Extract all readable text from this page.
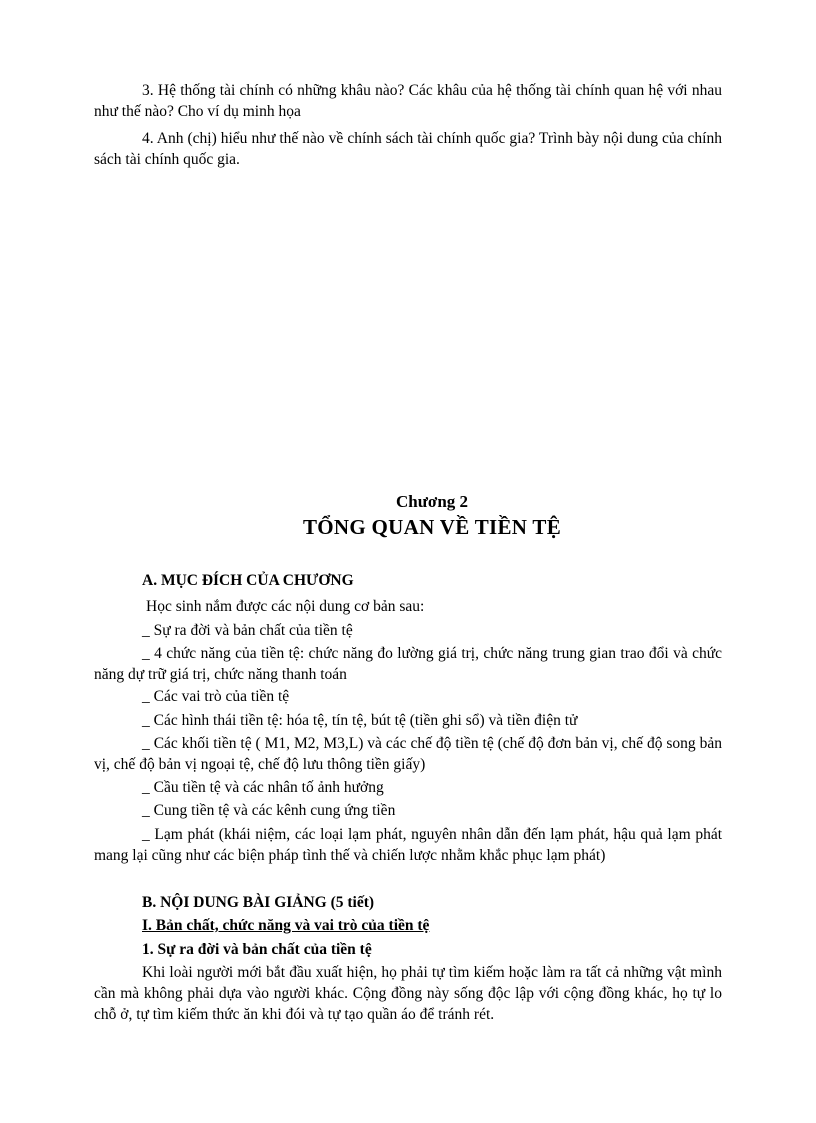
3. Hệ thống tài chính có những khâu nào? Các khâu của hệ thống tài chính quan hệ với nhau như thế nào? Cho ví dụ minh họa

4. Anh (chị) hiểu như thế nào về chính sách tài chính quốc gia? Trình bày nội dung của chính sách tài chính quốc gia.

Chương 2
TỔNG QUAN VỀ TIỀN TỆ
A. MỤC ĐÍCH CỦA CHƯƠNG

Học sinh nắm được các nội dung cơ bản sau:

_ Sự ra đời và bản chất của tiền tệ

_ 4 chức năng của tiền tệ: chức năng đo lường giá trị, chức năng trung gian trao đổi và chức năng dự trữ giá trị, chức năng thanh toán

_ Các vai trò của tiền tệ

_ Các hình thái tiền tệ: hóa tệ, tín tệ, bút tệ (tiền ghi sổ) và tiền điện tử

_ Các khối tiền tệ ( M1, M2, M3,L) và các chế độ tiền tệ (chế độ đơn bản vị, chế độ song bản vị, chế độ bản vị ngoại tệ, chế độ lưu thông tiền giấy)

_ Cầu tiền tệ và các nhân tố ảnh hưởng

_ Cung tiền tệ và các kênh cung ứng tiền

_ Lạm phát (khái niệm, các loại lạm phát, nguyên nhân dẫn đến lạm phát, hậu quả lạm phát mang lại cũng như các biện pháp tình thế và chiến lược nhằm khắc phục lạm phát)

B. NỘI DUNG BÀI GIẢNG (5 tiết)
I. Bản chất, chức năng và vai trò của tiền tệ
1. Sự ra đời và bản chất của tiền tệ

Khi loài người mới bắt đầu xuất hiện, họ phải tự tìm kiếm hoặc làm ra tất cả những vật mình cần mà không phải dựa vào người khác. Cộng đồng này sống độc lập với cộng đồng khác, họ tự lo chỗ ở, tự tìm kiếm thức ăn khi đói và tự tạo quần áo để tránh rét.
